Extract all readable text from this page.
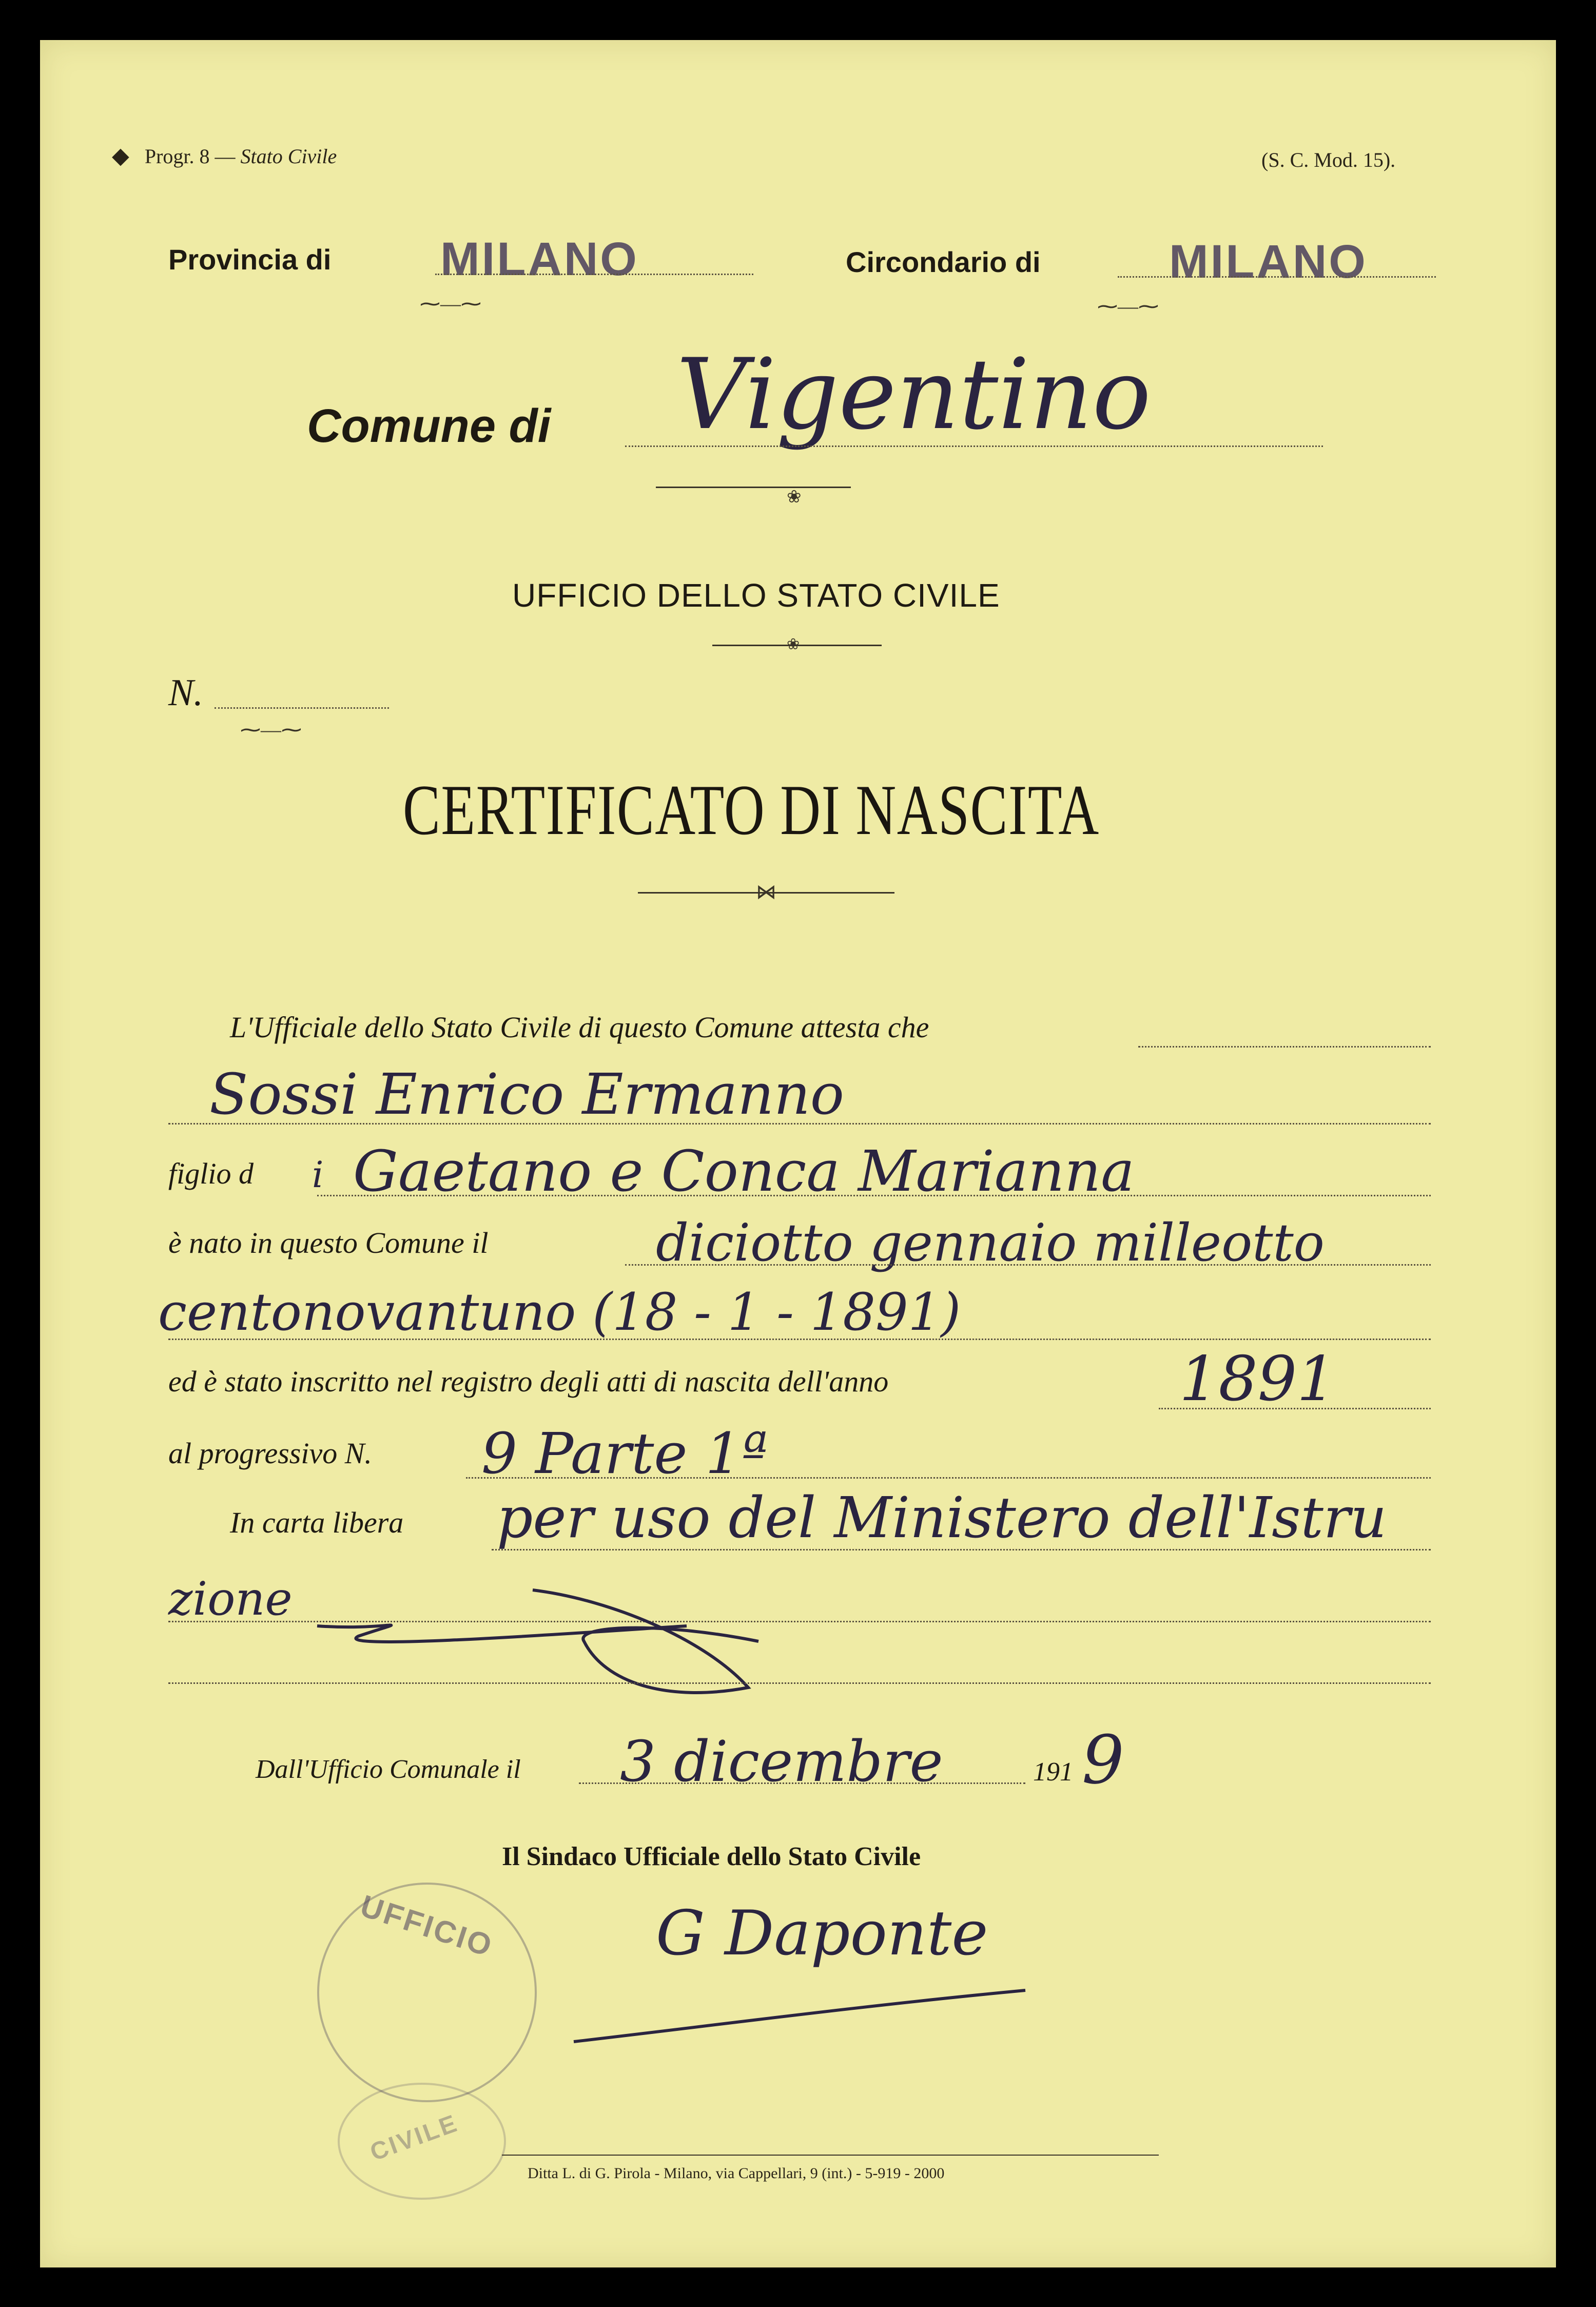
◆ Progr. 8 — Stato Civile	(S. C. Mod. 15).
Provincia di MILANO
⁓—⁓
Circondario di	MILANO
⁓—⁓
Comune di Vigentino
❀
UFFICIO DELLO STATO CIVILE
❀
N.
⁓—⁓
CERTIFICATO DI NASCITA
⋈
L'Ufficiale dello Stato Civile di questo Comune attesta che
Sossi Enrico Ermanno
figlio d i Gaetano e Conca Marianna
è nato in questo Comune il	diciotto gennaio milleotto
centonovantuno (18 - 1 - 1891)
ed è stato inscritto nel registro degli atti di nascita dell'anno	1891
al progressivo N. 9 Parte 1ª
In carta libera per uso del Ministero dell'Istru
zione
Dall'Ufficio Comunale il 3 dicembre	191 9
Il Sindaco Ufficiale dello Stato Civile
UFFICIO
CIVILE
G Daponte
Ditta L. di G. Pirola - Milano, via Cappellari, 9 (int.) - 5-919 - 2000
